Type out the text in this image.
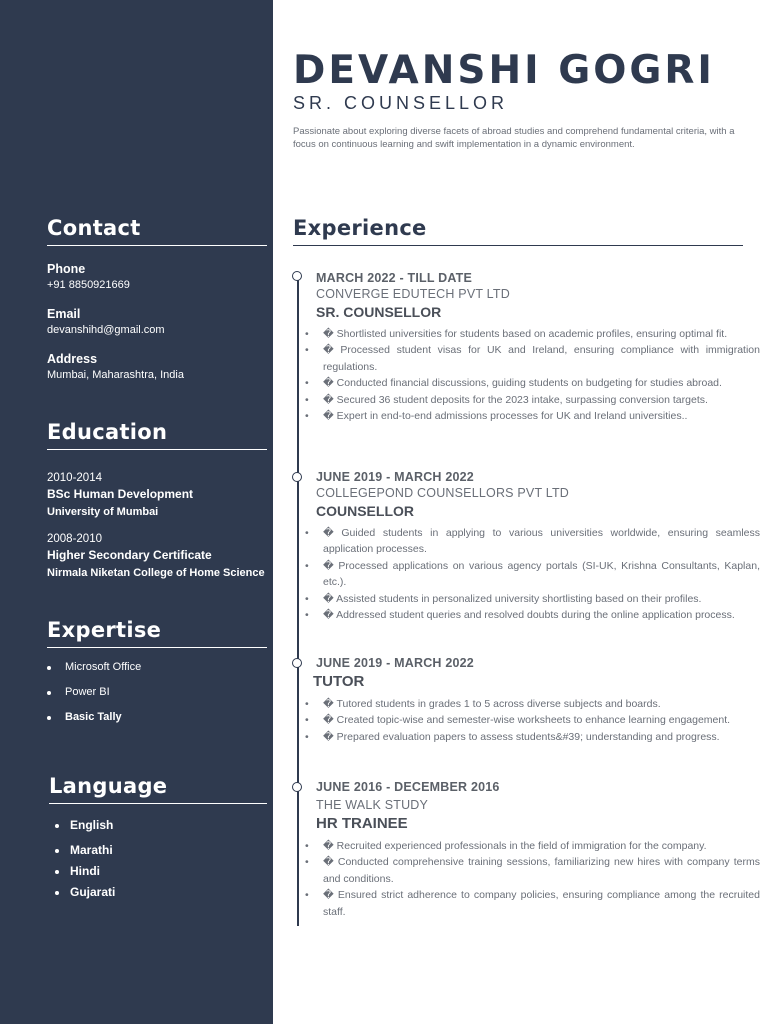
Contact
Phone
+91 8850921669
Email
devanshihd@gmail.com
Address
Mumbai, Maharashtra, India
Education
2010-2014
BSc Human Development
University of Mumbai
2008-2010
Higher Secondary Certificate
Nirmala Niketan College of Home Science
Expertise
Microsoft Office
Power BI
Basic Tally
Language
English
Marathi
Hindi
Gujarati
DEVANSHI GOGRI
SR. COUNSELLOR
Passionate about exploring diverse facets of abroad studies and comprehend fundamental criteria, with a focus on continuous learning and swift implementation in a dynamic environment.
Experience
MARCH 2022 - TILL DATE
CONVERGE EDUTECH PVT LTD
SR. COUNSELLOR
• � Shortlisted universities for students based on academic profiles, ensuring optimal fit.
• � Processed student visas for UK and Ireland, ensuring compliance with immigration regulations.
• � Conducted financial discussions, guiding students on budgeting for studies abroad.
• � Secured 36 student deposits for the 2023 intake, surpassing conversion targets.
• � Expert in end-to-end admissions processes for UK and Ireland universities..
JUNE 2019 - MARCH 2022
COLLEGEPOND COUNSELLORS PVT LTD
COUNSELLOR
• � Guided students in applying to various universities worldwide, ensuring seamless application processes.
• � Processed applications on various agency portals (SI-UK, Krishna Consultants, Kaplan, etc.).
• � Assisted students in personalized university shortlisting based on their profiles.
• � Addressed student queries and resolved doubts during the online application process.
JUNE 2019 - MARCH 2022
TUTOR
• � Tutored students in grades 1 to 5 across diverse subjects and boards.
• � Created topic-wise and semester-wise worksheets to enhance learning engagement.
• � Prepared evaluation papers to assess students&#39; understanding and progress.
JUNE 2016 - DECEMBER 2016
THE WALK STUDY
HR TRAINEE
• � Recruited experienced professionals in the field of immigration for the company.
• � Conducted comprehensive training sessions, familiarizing new hires with company terms and conditions.
• � Ensured strict adherence to company policies, ensuring compliance among the recruited staff.
